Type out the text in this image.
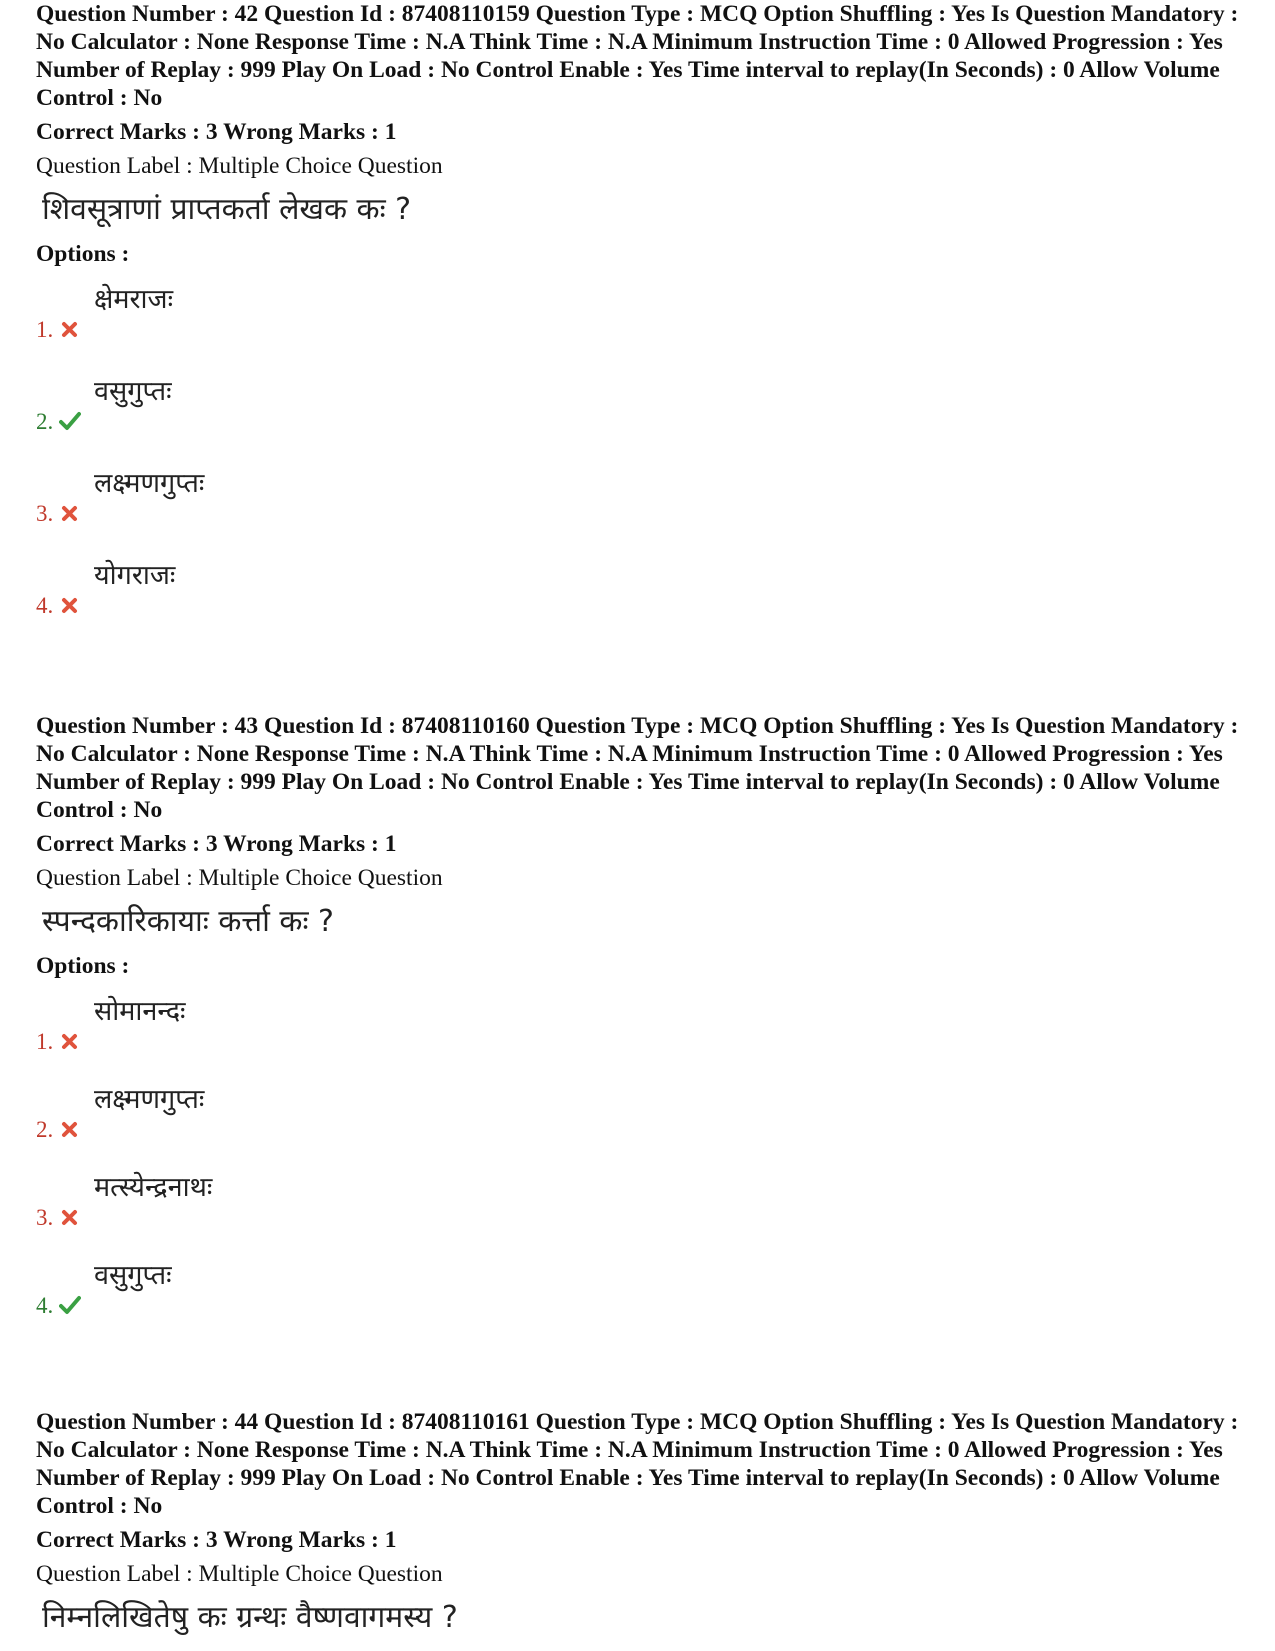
Question Number : 42 Question Id : 87408110159 Question Type : MCQ Option Shuffling : Yes Is Question Mandatory : No Calculator : None Response Time : N.A Think Time : N.A Minimum Instruction Time : 0 Allowed Progression : Yes Number of Replay : 999 Play On Load : No Control Enable : Yes Time interval to replay(In Seconds) : 0 Allow Volume Control : No

Correct Marks : 3 Wrong Marks : 1
Question Label : Multiple Choice Question
शिवसूत्राणां प्राप्तकर्ता लेखक कः ?
Options :
1.
क्षेमराजः
2.
वसुगुप्तः
3.
लक्ष्मणगुप्तः
4.
योगराजः

Question Number : 43 Question Id : 87408110160 Question Type : MCQ Option Shuffling : Yes Is Question Mandatory : No Calculator : None Response Time : N.A Think Time : N.A Minimum Instruction Time : 0 Allowed Progression : Yes Number of Replay : 999 Play On Load : No Control Enable : Yes Time interval to replay(In Seconds) : 0 Allow Volume Control : No

Correct Marks : 3 Wrong Marks : 1
Question Label : Multiple Choice Question
स्पन्दकारिकायाः कर्त्ता कः ?
Options :
1.
सोमानन्दः
2.
लक्ष्मणगुप्तः
3.
मत्स्येन्द्रनाथः
4.
वसुगुप्तः

Question Number : 44 Question Id : 87408110161 Question Type : MCQ Option Shuffling : Yes Is Question Mandatory : No Calculator : None Response Time : N.A Think Time : N.A Minimum Instruction Time : 0 Allowed Progression : Yes Number of Replay : 999 Play On Load : No Control Enable : Yes Time interval to replay(In Seconds) : 0 Allow Volume Control : No

Correct Marks : 3 Wrong Marks : 1
Question Label : Multiple Choice Question
निम्नलिखितेषु कः ग्रन्थः वैष्णवागमस्य ?
